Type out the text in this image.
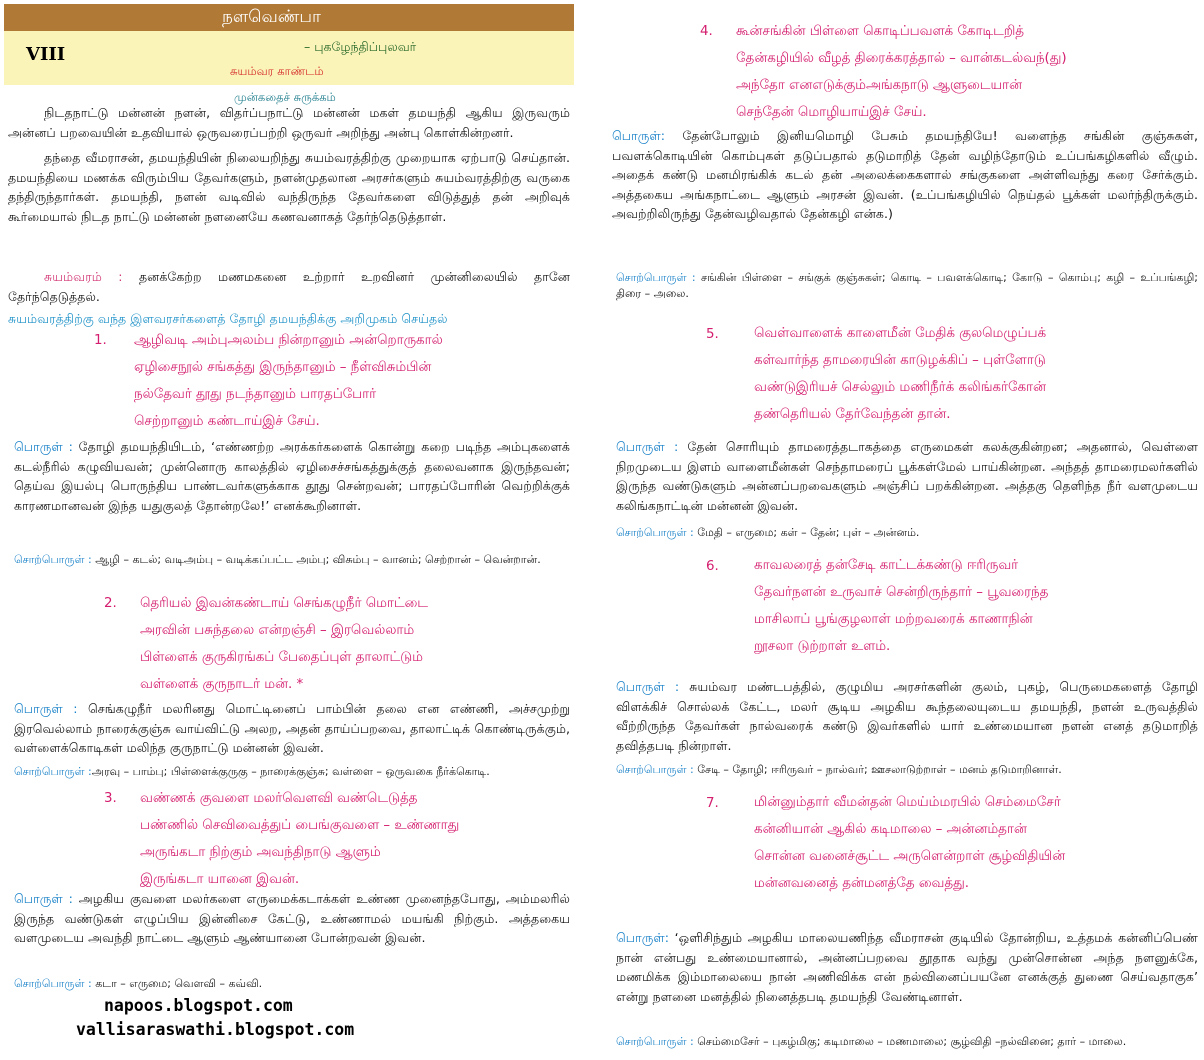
நளவெண்பா
VIII	– புகழேந்திப்புலவர்
சுயம்வர காண்டம்
முன்கதைச் சுருக்கம்

நிடதநாட்டு மன்னன் நளன், விதர்ப்பநாட்டு மன்னன் மகள் தமயந்தி ஆகிய இருவரும் அன்னப் பறவையின் உதவியால் ஒருவரைப்பற்றி ஒருவர் அறிந்து அன்பு கொள்கின்றனர்.

தந்தை வீமராசன், தமயந்தியின் நிலையறிந்து சுயம்வரத்திற்கு முறையாக ஏற்பாடு செய்தான். தமயந்தியை மணக்க விரும்பிய தேவர்களும், நளன்முதலான அரசர்களும் சுயம்வரத்திற்கு வருகை தந்திருந்தார்கள். தமயந்தி, நளன் வடிவில் வந்திருந்த தேவர்களை விடுத்துத் தன் அறிவுக் கூர்மையால் நிடத நாட்டு மன்னன் நளனையே கணவனாகத் தேர்ந்தெடுத்தாள்.

சுயம்வரம் : தனக்கேற்ற மணமகனை உற்றார் உறவினர் முன்னிலையில் தானே தேர்ந்தெடுத்தல்.

சுயம்வரத்திற்கு வந்த இளவரசர்களைத் தோழி தமயந்திக்கு அறிமுகம் செய்தல்
1. ஆழிவடி அம்புஅலம்ப நின்றானும் அன்றொருகால்
ஏழிசைநூல் சங்கத்து இருந்தானும் – நீள்விசும்பின்
நல்தேவர் தூது நடந்தானும் பாரதப்போர்
செற்றானும் கண்டாய்இச் சேய்.

பொருள் : தோழி தமயந்தியிடம், ‘எண்ணற்ற அரக்கர்களைக் கொன்று கறை படிந்த அம்புகளைக் கடல்நீரில் கழுவியவன்; முன்னொரு காலத்தில் ஏழிசைச்சங்கத்துக்குத் தலைவனாக இருந்தவன்; தெய்வ இயல்பு பொருந்திய பாண்டவர்களுக்காக தூது சென்றவன்; பாரதப்போரின் வெற்றிக்குக் காரணமானவன் இந்த யதுகுலத் தோன்றலே!’ எனக்கூறினாள்.

சொற்பொருள் : ஆழி – கடல்; வடிஅம்பு – வடிக்கப்பட்ட அம்பு; விசும்பு – வானம்; செற்றான் – வென்றான்.

2. தெரியல் இவன்கண்டாய் செங்கழுநீர் மொட்டை
அரவின் பசுந்தலை என்றஞ்சி – இரவெல்லாம்
பிள்ளைக் குருகிரங்கப் பேதைப்புள் தாலாட்டும்
வள்ளைக் குருநாடர் மன். *

பொருள் : செங்கழுநீர் மலரினது மொட்டினைப் பாம்பின் தலை என எண்ணி, அச்சமுற்று இரவெல்லாம் நாரைக்குஞ்சு வாய்விட்டு அலற, அதன் தாய்ப்பறவை, தாலாட்டிக் கொண்டிருக்கும், வள்ளைக்கொடிகள் மலிந்த குருநாட்டு மன்னன் இவன்.

சொற்பொருள் :அரவு – பாம்பு; பிள்ளைக்குருகு – நாரைக்குஞ்சு; வள்ளை – ஒருவகை நீர்க்கொடி.

3. வண்ணக் குவளை மலர்வெளவி வண்டெடுத்த
பண்ணில் செவிவைத்துப் பைங்குவளை – உண்ணாது
அருங்கடா நிற்கும் அவந்திநாடு ஆளும்
இருங்கடா யானை இவன்.

பொருள் : அழகிய குவளை மலர்களை எருமைக்கடாக்கள் உண்ண முனைந்தபோது, அம்மலரில் இருந்த வண்டுகள் எழுப்பிய இன்னிசை கேட்டு, உண்ணாமல் மயங்கி நிற்கும். அத்தகைய வளமுடைய அவந்தி நாட்டை ஆளும் ஆண்யானை போன்றவன் இவன்.

சொற்பொருள் : கடா – எருமை; வெளவி – கவ்வி.

napoos.blogspot.com
vallisaraswathi.blogspot.com
4. கூன்சங்கின் பிள்ளை கொடிப்பவளக் கோடிடறித்
தேன்கழியில் வீழத் திரைக்கரத்தால் – வான்கடல்வந்(து)
அந்தோ எனஎடுக்கும்அங்கநாடு ஆளுடையான்
செந்தேன் மொழியாய்இச் சேய்.

பொருள்: தேன்போலும் இனியமொழி பேசும் தமயந்தியே! வளைந்த சங்கின் குஞ்சுகள், பவளக்கொடியின் கொம்புகள் தடுப்பதால் தடுமாறித் தேன் வழிந்தோடும் உப்பங்கழிகளில் வீழும். அதைக் கண்டு மனமிரங்கிக் கடல் தன் அலைக்கைகளால் சங்குகளை அள்ளிவந்து கரை சேர்க்கும். அத்தகைய அங்கநாட்டை ஆளும் அரசன் இவன். (உப்பங்கழியில் நெய்தல் பூக்கள் மலர்ந்திருக்கும். அவற்றிலிருந்து தேன்வழிவதால் தேன்கழி என்க.)

சொற்பொருள் : சங்கின் பிள்ளை – சங்குக் குஞ்சுகள்; கொடி – பவளக்கொடி; கோடு – கொம்பு; கழி – உப்பங்கழி; திரை – அலை.

5.	வெள்வாளைக் காளைமீன் மேதிக் குலமெழுப்பக்
கள்வார்ந்த தாமரையின் காடுழக்கிப் – புள்ளோடு
வண்டுஇரியச் செல்லும் மணிநீர்க் கலிங்கர்கோன்
தண்தெரியல் தேர்வேந்தன் தான்.

பொருள் : தேன் சொரியும் தாமரைத்தடாகத்தை எருமைகள் கலக்குகின்றன; அதனால், வெள்ளை நிறமுடைய இளம் வாளைமீன்கள் செந்தாமரைப் பூக்கள்மேல் பாய்கின்றன. அந்தத் தாமரைமலர்களில் இருந்த வண்டுகளும் அன்னப்பறவைகளும் அஞ்சிப் பறக்கின்றன. அத்தகு தெளிந்த நீர் வளமுடைய கலிங்கநாட்டின் மன்னன் இவன்.

சொற்பொருள் : மேதி – எருமை; கள் – தேன்; புள் – அன்னம்.

6.	காவலரைத் தன்சேடி காட்டக்கண்டு ஈரிருவர்
தேவர்நளன் உருவாச் சென்றிருந்தார் – பூவரைந்த
மாசிலாப் பூங்குழலாள் மற்றவரைக் காணாநின்
றூசலா டுற்றாள் உளம்.

பொருள் : சுயம்வர மண்டபத்தில், குழுமிய அரசர்களின் குலம், புகழ், பெருமைகளைத் தோழி விளக்கிச் சொல்லக் கேட்ட, மலர் சூடிய அழகிய கூந்தலையுடைய தமயந்தி, நளன் உருவத்தில் வீற்றிருந்த தேவர்கள் நால்வரைக் கண்டு இவர்களில் யார் உண்மையான நளன் எனத் தடுமாறித் தவித்தபடி நின்றாள்.

சொற்பொருள் : சேடி – தோழி; ஈரிருவர் – நால்வர்; ஊசலாடுற்றாள் – மனம் தடுமாறினாள்.

7.	மின்னும்தார் வீமன்தன் மெய்ம்மரபில் செம்மைசேர்
கன்னியான் ஆகில் கடிமாலை – அன்னம்தான்
சொன்ன வனைச்சூட்ட அருளென்றாள் சூழ்விதியின்
மன்னவனைத் தன்மனத்தே வைத்து.

பொருள்: ‘ஒளிசிந்தும் அழகிய மாலையணிந்த வீமராசன் குடியில் தோன்றிய, உத்தமக் கன்னிப்பெண் நான் என்பது உண்மையானால், அன்னப்பறவை தூதாக வந்து முன்சொன்ன அந்த நளனுக்கே, மணமிக்க இம்மாலையை நான் அணிவிக்க என் நல்வினைப்பயனே எனக்குத் துணை செய்வதாகுக’ என்று நளனை மனத்தில் நினைத்தபடி தமயந்தி வேண்டினாள்.

சொற்பொருள் : செம்மைசேர் – புகழ்மிகு; கடிமாலை – மணமாலை; சூழ்விதி –நல்வினை; தார் – மாலை.
